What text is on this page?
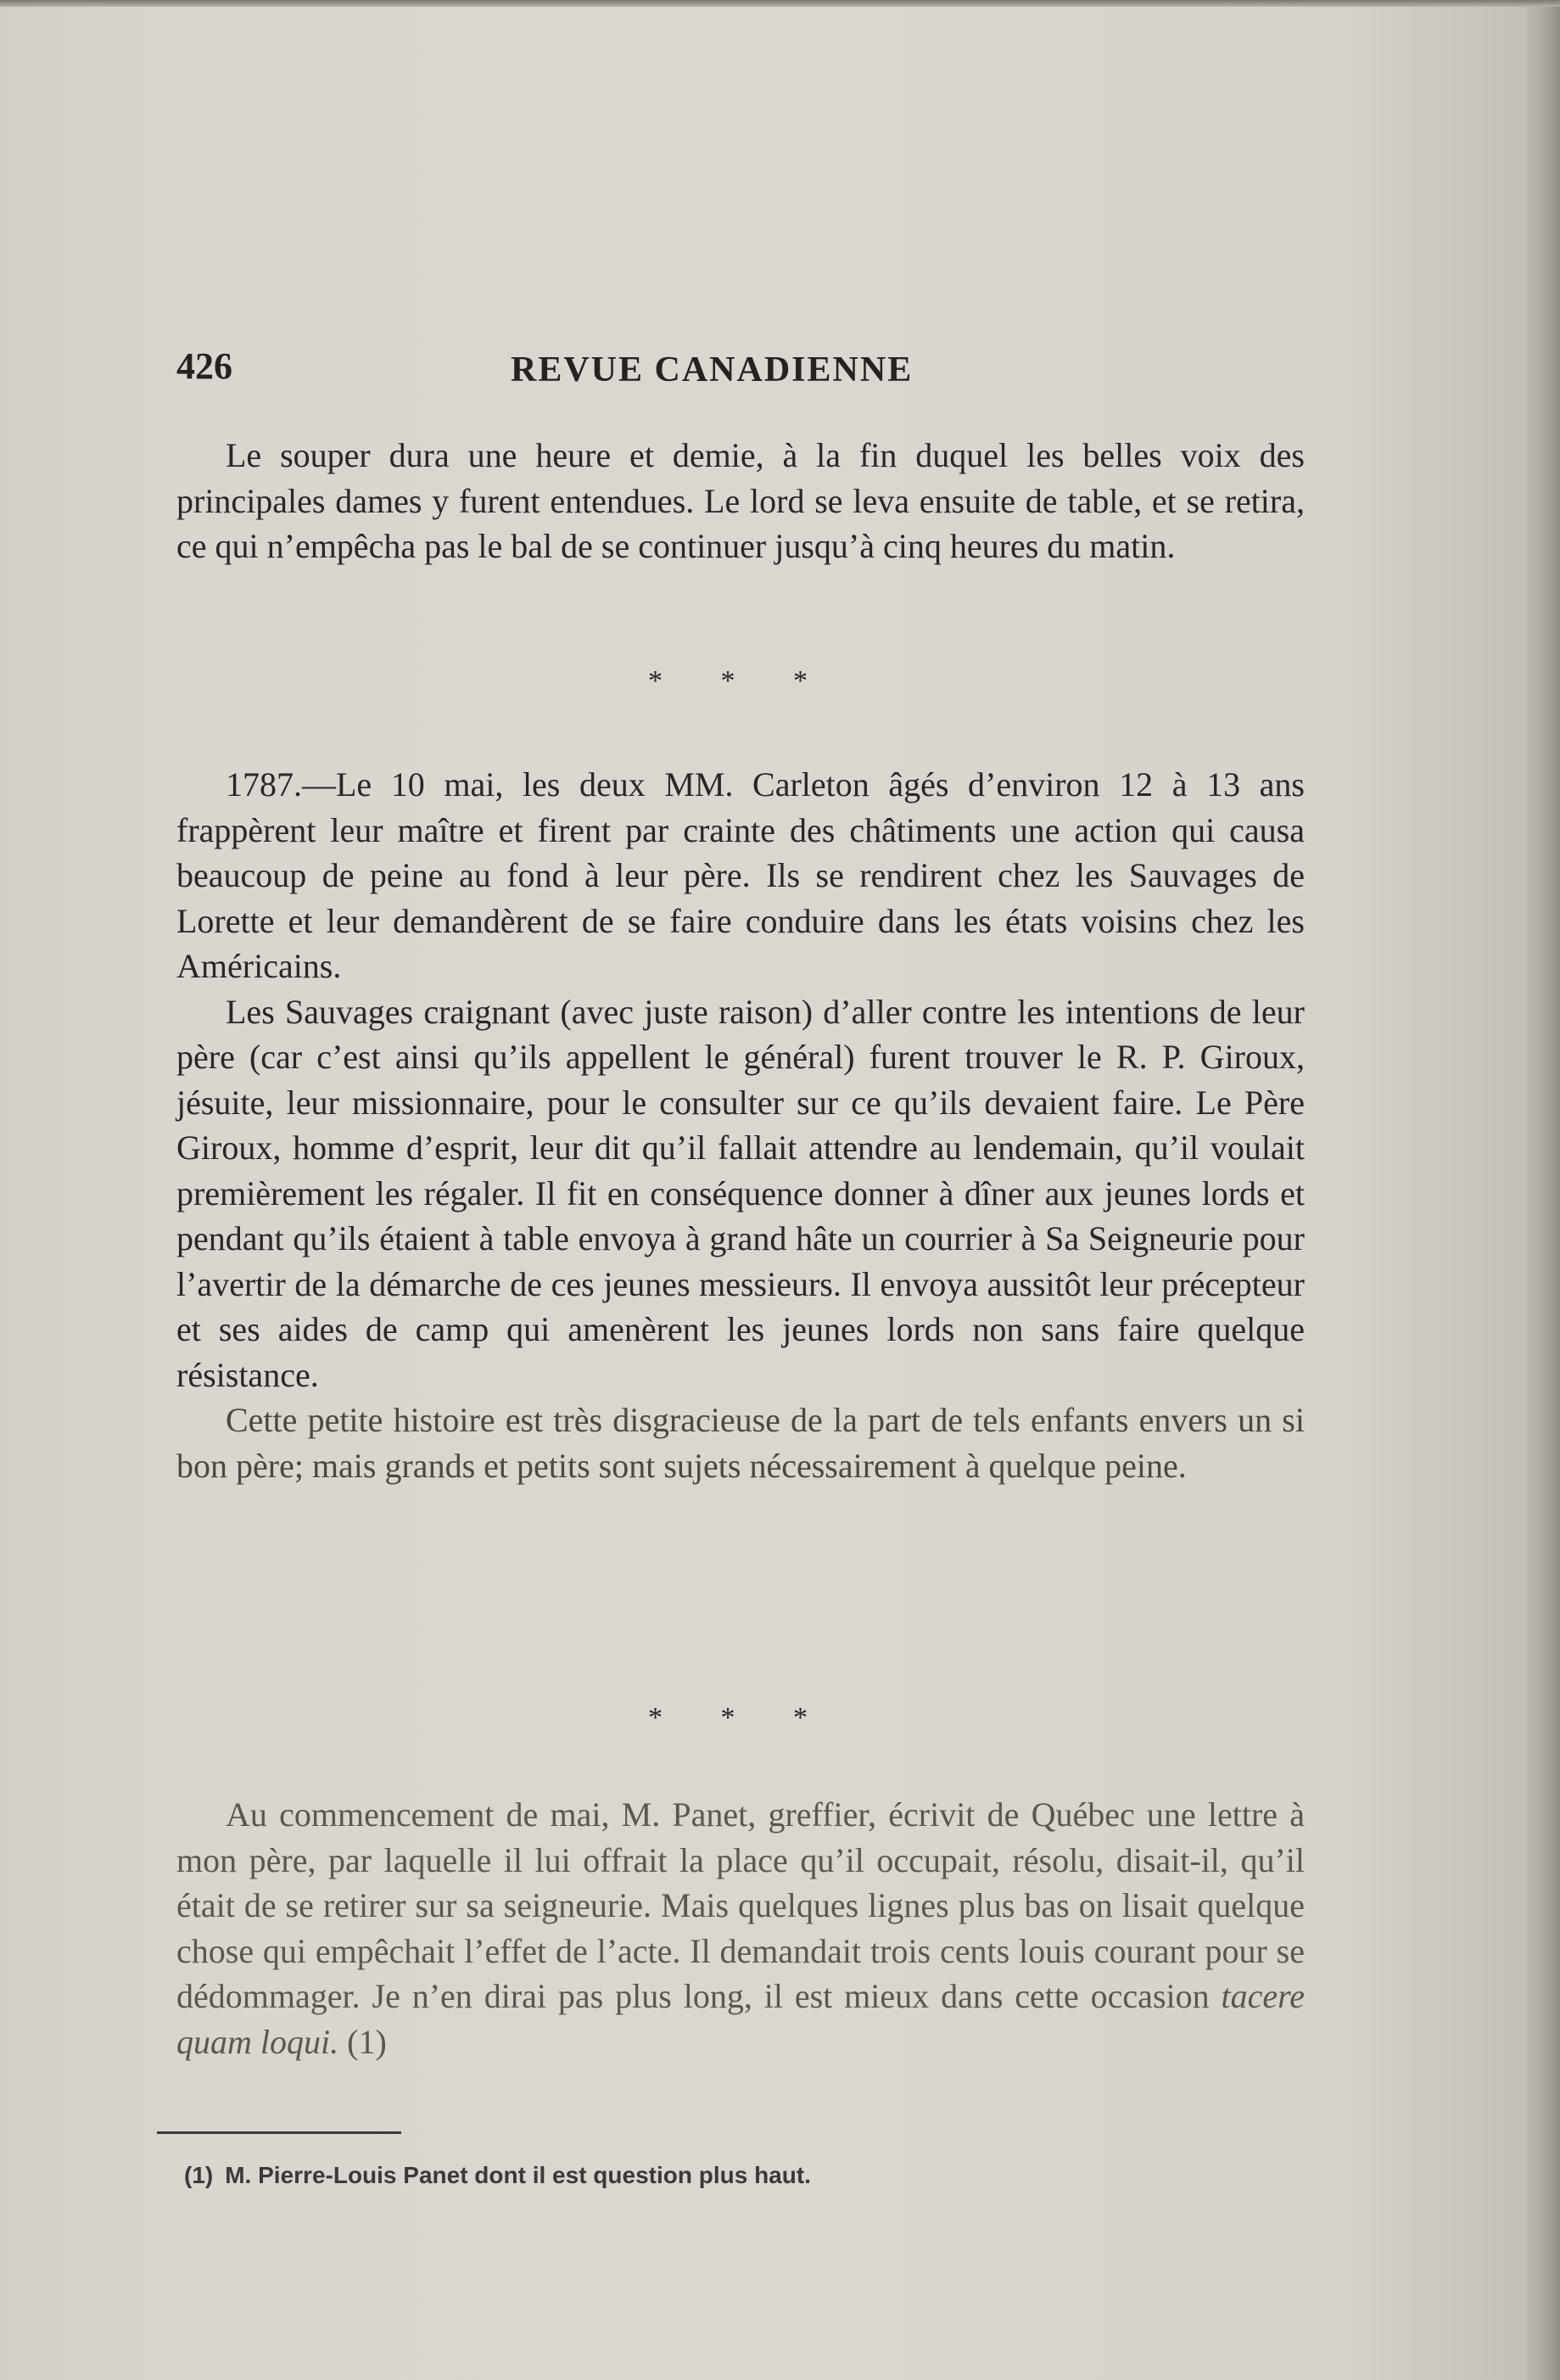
426	REVUE CANADIENNE

Le souper dura une heure et demie, à la fin duquel les belles voix des principales dames y furent entendues. Le lord se leva ensuite de table, et se retira, ce qui n’empêcha pas le bal de se continuer jusqu’à cinq heures du matin.

* * *

1787.—Le 10 mai, les deux MM. Carleton âgés d’environ 12 à 13 ans frappèrent leur maître et firent par crainte des châtiments une action qui causa beaucoup de peine au fond à leur père. Ils se rendirent chez les Sauvages de Lorette et leur demandèrent de se faire conduire dans les états voisins chez les Américains.

Les Sauvages craignant (avec juste raison) d’aller contre les intentions de leur père (car c’est ainsi qu’ils appellent le général) furent trouver le R. P. Giroux, jésuite, leur missionnaire, pour le consulter sur ce qu’ils devaient faire. Le Père Giroux, homme d’esprit, leur dit qu’il fallait attendre au lendemain, qu’il voulait premièrement les régaler. Il fit en conséquence donner à dîner aux jeunes lords et pendant qu’ils étaient à table envoya à grand hâte un courrier à Sa Seigneurie pour l’avertir de la démarche de ces jeunes messieurs. Il envoya aussitôt leur précepteur et ses aides de camp qui amenèrent les jeunes lords non sans faire quelque résistance.

Cette petite histoire est très disgracieuse de la part de tels enfants envers un si bon père; mais grands et petits sont sujets nécessairement à quelque peine.

* * *

Au commencement de mai, M. Panet, greffier, écrivit de Québec une lettre à mon père, par laquelle il lui offrait la place qu’il occupait, résolu, disait-il, qu’il était de se retirer sur sa seigneurie. Mais quelques lignes plus bas on lisait quelque chose qui empêchait l’effet de l’acte. Il demandait trois cents louis courant pour se dédommager. Je n’en dirai pas plus long, il est mieux dans cette occasion tacere quam loqui. (1)

(1) M. Pierre-Louis Panet dont il est question plus haut.
